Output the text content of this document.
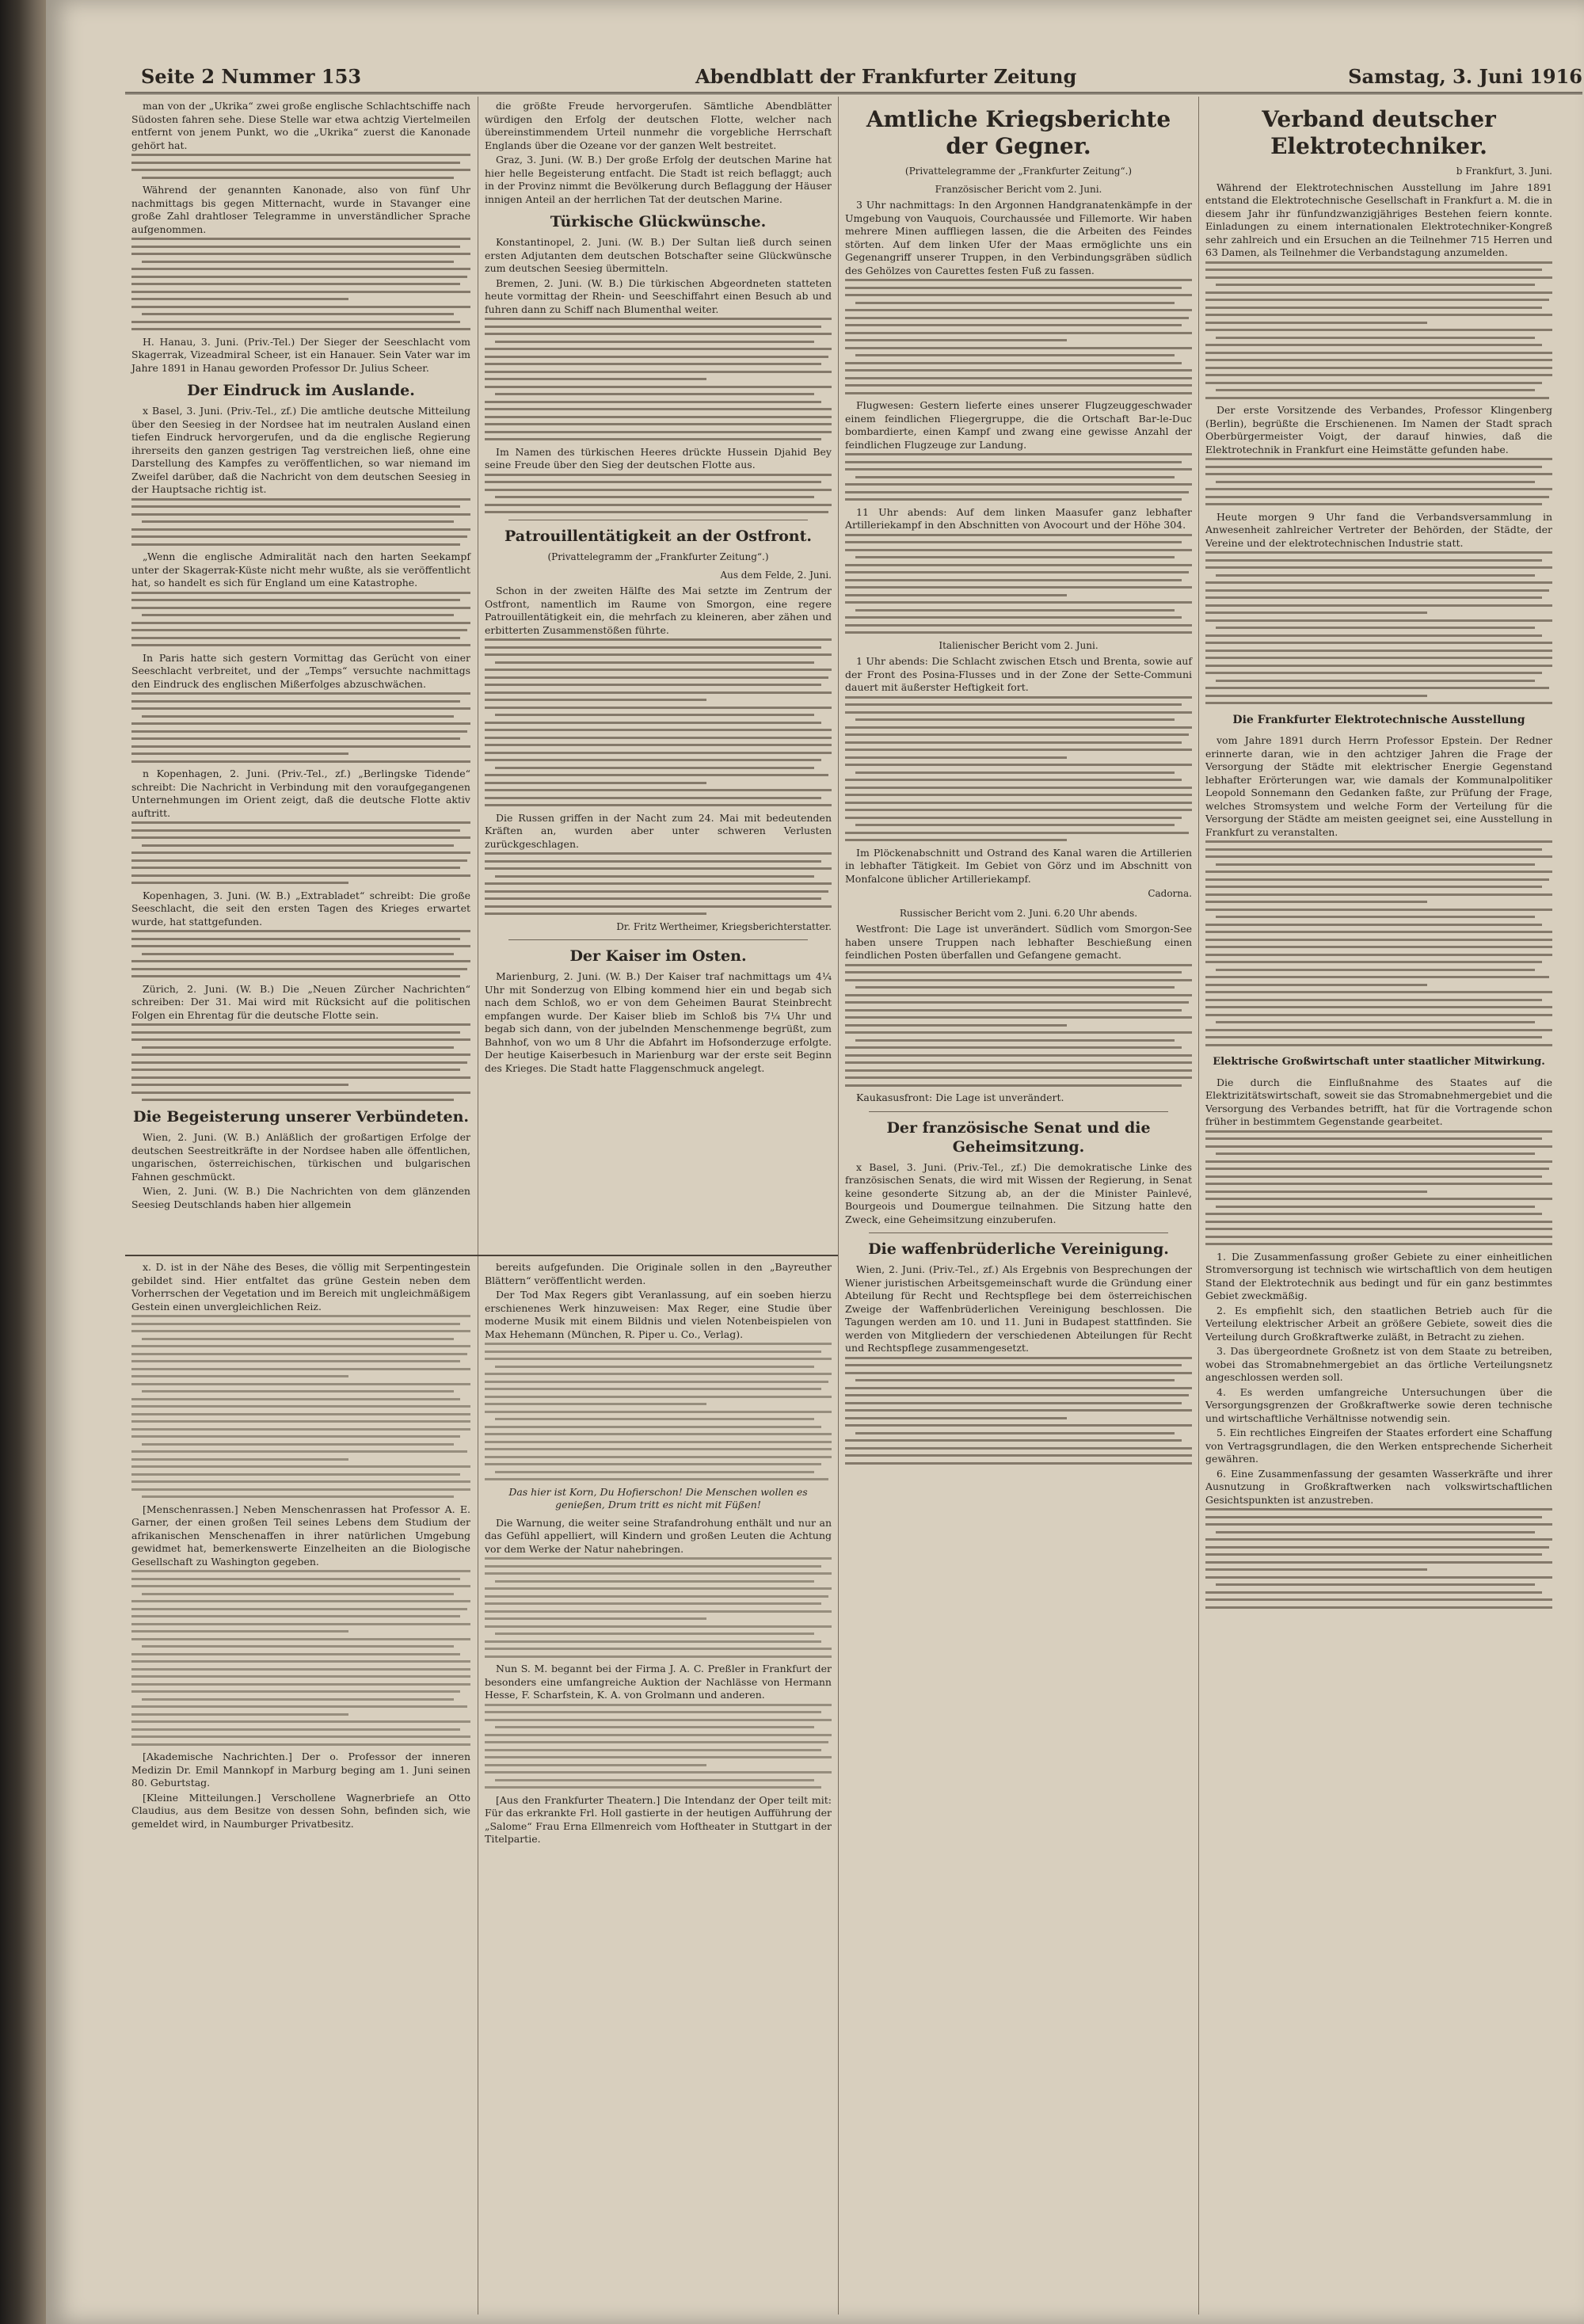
Seite 2 Nummer 153	Abendblatt der Frankfurter Zeitung	Samstag, 3. Juni 1916

man von der „Ukrika“ zwei große englische Schlachtschiffe nach Südosten fahren sehe. Diese Stelle war etwa achtzig Viertelmeilen entfernt von jenem Punkt, wo die „Ukrika“ zuerst die Kanonade gehört hat.

Während der genannten Kanonade, also von fünf Uhr nachmittags bis gegen Mitternacht, wurde in Stavanger eine große Zahl drahtloser Telegramme in unverständlicher Sprache aufgenommen.

H. Hanau, 3. Juni. (Priv.-Tel.) Der Sieger der Seeschlacht vom Skagerrak, Vizeadmiral Scheer, ist ein Hanauer. Sein Vater war im Jahre 1891 in Hanau geworden Professor Dr. Julius Scheer.

Der Eindruck im Auslande.

x Basel, 3. Juni. (Priv.-Tel., zf.) Die amtliche deutsche Mitteilung über den Seesieg in der Nordsee hat im neutralen Ausland einen tiefen Eindruck hervorgerufen, und da die englische Regierung ihrerseits den ganzen gestrigen Tag verstreichen ließ, ohne eine Darstellung des Kampfes zu veröffentlichen, so war niemand im Zweifel darüber, daß die Nachricht von dem deutschen Seesieg in der Hauptsache richtig ist.

„Wenn die englische Admiralität nach den harten Seekampf unter der Skagerrak-Küste nicht mehr wußte, als sie veröffentlicht hat, so handelt es sich für England um eine Katastrophe.

In Paris hatte sich gestern Vormittag das Gerücht von einer Seeschlacht verbreitet, und der „Temps“ versuchte nachmittags den Eindruck des englischen Mißerfolges abzuschwächen.

n Kopenhagen, 2. Juni. (Priv.-Tel., zf.) „Berlingske Tidende“ schreibt: Die Nachricht in Verbindung mit den voraufgegangenen Unternehmungen im Orient zeigt, daß die deutsche Flotte aktiv auftritt.

Kopenhagen, 3. Juni. (W. B.) „Extrabladet“ schreibt: Die große Seeschlacht, die seit den ersten Tagen des Krieges erwartet wurde, hat stattgefunden.

Zürich, 2. Juni. (W. B.) Die „Neuen Zürcher Nachrichten“ schreiben: Der 31. Mai wird mit Rücksicht auf die politischen Folgen ein Ehrentag für die deutsche Flotte sein.

Die Begeisterung unserer Verbündeten.

Wien, 2. Juni. (W. B.) Anläßlich der großartigen Erfolge der deutschen Seestreitkräfte in der Nordsee haben alle öffentlichen, ungarischen, österreichischen, türkischen und bulgarischen Fahnen geschmückt.

Wien, 2. Juni. (W. B.) Die Nachrichten von dem glänzenden Seesieg Deutschlands haben hier allgemein

die größte Freude hervorgerufen. Sämtliche Abendblätter würdigen den Erfolg der deutschen Flotte, welcher nach übereinstimmendem Urteil nunmehr die vorgebliche Herrschaft Englands über die Ozeane vor der ganzen Welt bestreitet.

Graz, 3. Juni. (W. B.) Der große Erfolg der deutschen Marine hat hier helle Begeisterung entfacht. Die Stadt ist reich beflaggt; auch in der Provinz nimmt die Bevölkerung durch Beflaggung der Häuser innigen Anteil an der herrlichen Tat der deutschen Marine.

Türkische Glückwünsche.

Konstantinopel, 2. Juni. (W. B.) Der Sultan ließ durch seinen ersten Adjutanten dem deutschen Botschafter seine Glückwünsche zum deutschen Seesieg übermitteln.

Bremen, 2. Juni. (W. B.) Die türkischen Abgeordneten statteten heute vormittag der Rhein- und Seeschiffahrt einen Besuch ab und fuhren dann zu Schiff nach Blumenthal weiter.

Im Namen des türkischen Heeres drückte Hussein Djahid Bey seine Freude über den Sieg der deutschen Flotte aus.

Patrouillentätigkeit an der Ostfront.
(Privattelegramm der „Frankfurter Zeitung“.)
Aus dem Felde, 2. Juni.

Schon in der zweiten Hälfte des Mai setzte im Zentrum der Ostfront, namentlich im Raume von Smorgon, eine regere Patrouillentätigkeit ein, die mehrfach zu kleineren, aber zähen und erbitterten Zusammenstößen führte.

Die Russen griffen in der Nacht zum 24. Mai mit bedeutenden Kräften an, wurden aber unter schweren Verlusten zurückgeschlagen.

Dr. Fritz Wertheimer, Kriegsberichterstatter.
Der Kaiser im Osten.

Marienburg, 2. Juni. (W. B.) Der Kaiser traf nachmittags um 4¼ Uhr mit Sonderzug von Elbing kommend hier ein und begab sich nach dem Schloß, wo er von dem Geheimen Baurat Steinbrecht empfangen wurde. Der Kaiser blieb im Schloß bis 7¼ Uhr und begab sich dann, von der jubelnden Menschenmenge begrüßt, zum Bahnhof, von wo um 8 Uhr die Abfahrt im Hofsonderzuge erfolgte. Der heutige Kaiserbesuch in Marienburg war der erste seit Beginn des Krieges. Die Stadt hatte Flaggenschmuck angelegt.

Amtliche Kriegsberichte der Gegner.
(Privattelegramme der „Frankfurter Zeitung“.)
Französischer Bericht vom 2. Juni.

3 Uhr nachmittags: In den Argonnen Handgranatenkämpfe in der Umgebung von Vauquois, Courchaussée und Fillemorte. Wir haben mehrere Minen auffliegen lassen, die die Arbeiten des Feindes störten. Auf dem linken Ufer der Maas ermöglichte uns ein Gegenangriff unserer Truppen, in den Verbindungsgräben südlich des Gehölzes von Caurettes festen Fuß zu fassen.

Flugwesen: Gestern lieferte eines unserer Flugzeuggeschwader einem feindlichen Fliegergruppe, die die Ortschaft Bar-le-Duc bombardierte, einen Kampf und zwang eine gewisse Anzahl der feindlichen Flugzeuge zur Landung.

11 Uhr abends: Auf dem linken Maasufer ganz lebhafter Artilleriekampf in den Abschnitten von Avocourt und der Höhe 304.

Italienischer Bericht vom 2. Juni.

1 Uhr abends: Die Schlacht zwischen Etsch und Brenta, sowie auf der Front des Posina-Flusses und in der Zone der Sette-Communi dauert mit äußerster Heftigkeit fort.

Im Plöckenabschnitt und Ostrand des Kanal waren die Artillerien in lebhafter Tätigkeit. Im Gebiet von Görz und im Abschnitt von Monfalcone üblicher Artilleriekampf.

Cadorna.
Russischer Bericht vom 2. Juni. 6.20 Uhr abends.

Westfront: Die Lage ist unverändert. Südlich vom Smorgon-See haben unsere Truppen nach lebhafter Beschießung einen feindlichen Posten überfallen und Gefangene gemacht.

Kaukasusfront: Die Lage ist unverändert.

Der französische Senat und die Geheimsitzung.

x Basel, 3. Juni. (Priv.-Tel., zf.) Die demokratische Linke des französischen Senats, die wird mit Wissen der Regierung, in Senat keine gesonderte Sitzung ab, an der die Minister Painlevé, Bourgeois und Doumergue teilnahmen. Die Sitzung hatte den Zweck, eine Geheimsitzung einzuberufen.

Die waffenbrüderliche Vereinigung.

Wien, 2. Juni. (Priv.-Tel., zf.) Als Ergebnis von Besprechungen der Wiener juristischen Arbeitsgemeinschaft wurde die Gründung einer Abteilung für Recht und Rechtspflege bei dem österreichischen Zweige der Waffenbrüderlichen Vereinigung beschlossen. Die Tagungen werden am 10. und 11. Juni in Budapest stattfinden. Sie werden von Mitgliedern der verschiedenen Abteilungen für Recht und Rechtspflege zusammengesetzt.

Verband deutscher Elektrotechniker.
b Frankfurt, 3. Juni.

Während der Elektrotechnischen Ausstellung im Jahre 1891 entstand die Elektrotechnische Gesellschaft in Frankfurt a. M. die in diesem Jahr ihr fünfundzwanzigjähriges Bestehen feiern konnte. Einladungen zu einem internationalen Elektrotechniker-Kongreß sehr zahlreich und ein Ersuchen an die Teilnehmer 715 Herren und 63 Damen, als Teilnehmer die Verbandstagung anzumelden.

Der erste Vorsitzende des Verbandes, Professor Klingenberg (Berlin), begrüßte die Erschienenen. Im Namen der Stadt sprach Oberbürgermeister Voigt, der darauf hinwies, daß die Elektrotechnik in Frankfurt eine Heimstätte gefunden habe.

Heute morgen 9 Uhr fand die Verbandsversammlung in Anwesenheit zahlreicher Vertreter der Behörden, der Städte, der Vereine und der elektrotechnischen Industrie statt.

Die Frankfurter Elektrotechnische Ausstellung

vom Jahre 1891 durch Herrn Professor Epstein. Der Redner erinnerte daran, wie in den achtziger Jahren die Frage der Versorgung der Städte mit elektrischer Energie Gegenstand lebhafter Erörterungen war, wie damals der Kommunalpolitiker Leopold Sonnemann den Gedanken faßte, zur Prüfung der Frage, welches Stromsystem und welche Form der Verteilung für die Versorgung der Städte am meisten geeignet sei, eine Ausstellung in Frankfurt zu veranstalten.

Elektrische Großwirtschaft unter staatlicher Mitwirkung.

Die durch die Einflußnahme des Staates auf die Elektrizitätswirtschaft, soweit sie das Stromabnehmergebiet und die Versorgung des Verbandes betrifft, hat für die Vortragende schon früher in bestimmtem Gegenstande gearbeitet.

1. Die Zusammenfassung großer Gebiete zu einer einheitlichen Stromversorgung ist technisch wie wirtschaftlich von dem heutigen Stand der Elektrotechnik aus bedingt und für ein ganz bestimmtes Gebiet zweckmäßig.

2. Es empfiehlt sich, den staatlichen Betrieb auch für die Verteilung elektrischer Arbeit an größere Gebiete, soweit dies die Verteilung durch Großkraftwerke zuläßt, in Betracht zu ziehen.

3. Das übergeordnete Großnetz ist von dem Staate zu betreiben, wobei das Stromabnehmergebiet an das örtliche Verteilungsnetz angeschlossen werden soll.

4. Es werden umfangreiche Untersuchungen über die Versorgungsgrenzen der Großkraftwerke sowie deren technische und wirtschaftliche Verhältnisse notwendig sein.

5. Ein rechtliches Eingreifen der Staates erfordert eine Schaffung von Vertragsgrundlagen, die den Werken entsprechende Sicherheit gewähren.

6. Eine Zusammenfassung der gesamten Wasserkräfte und ihrer Ausnutzung in Großkraftwerken nach volkswirtschaftlichen Gesichtspunkten ist anzustreben.

x. D. ist in der Nähe des Beses, die völlig mit Serpentingestein gebildet sind. Hier entfaltet das grüne Gestein neben dem Vorherrschen der Vegetation und im Bereich mit ungleichmäßigem Gestein einen unvergleichlichen Reiz.

[Menschenrassen.] Neben Menschenrassen hat Professor A. E. Garner, der einen großen Teil seines Lebens dem Studium der afrikanischen Menschenaffen in ihrer natürlichen Umgebung gewidmet hat, bemerkenswerte Einzelheiten an die Biologische Gesellschaft zu Washington gegeben.

[Akademische Nachrichten.] Der o. Professor der inneren Medizin Dr. Emil Mannkopf in Marburg beging am 1. Juni seinen 80. Geburtstag.

[Kleine Mitteilungen.] Verschollene Wagnerbriefe an Otto Claudius, aus dem Besitze von dessen Sohn, befinden sich, wie gemeldet wird, in Naumburger Privatbesitz.

bereits aufgefunden. Die Originale sollen in den „Bayreuther Blättern“ veröffentlicht werden.

Der Tod Max Regers gibt Veranlassung, auf ein soeben hierzu erschienenes Werk hinzuweisen: Max Reger, eine Studie über moderne Musik mit einem Bildnis und vielen Notenbeispielen von Max Hehemann (München, R. Piper u. Co., Verlag).

Das hier ist Korn, Du Hofierschon! Die Menschen wollen es genießen, Drum tritt es nicht mit Füßen!

Die Warnung, die weiter seine Strafandrohung enthält und nur an das Gefühl appelliert, will Kindern und großen Leuten die Achtung vor dem Werke der Natur nahebringen.

Nun S. M. begannt bei der Firma J. A. C. Preßler in Frankfurt der besonders eine umfangreiche Auktion der Nachlässe von Hermann Hesse, F. Scharfstein, K. A. von Grolmann und anderen.

[Aus den Frankfurter Theatern.] Die Intendanz der Oper teilt mit: Für das erkrankte Frl. Holl gastierte in der heutigen Aufführung der „Salome“ Frau Erna Ellmenreich vom Hoftheater in Stuttgart in der Titelpartie.
